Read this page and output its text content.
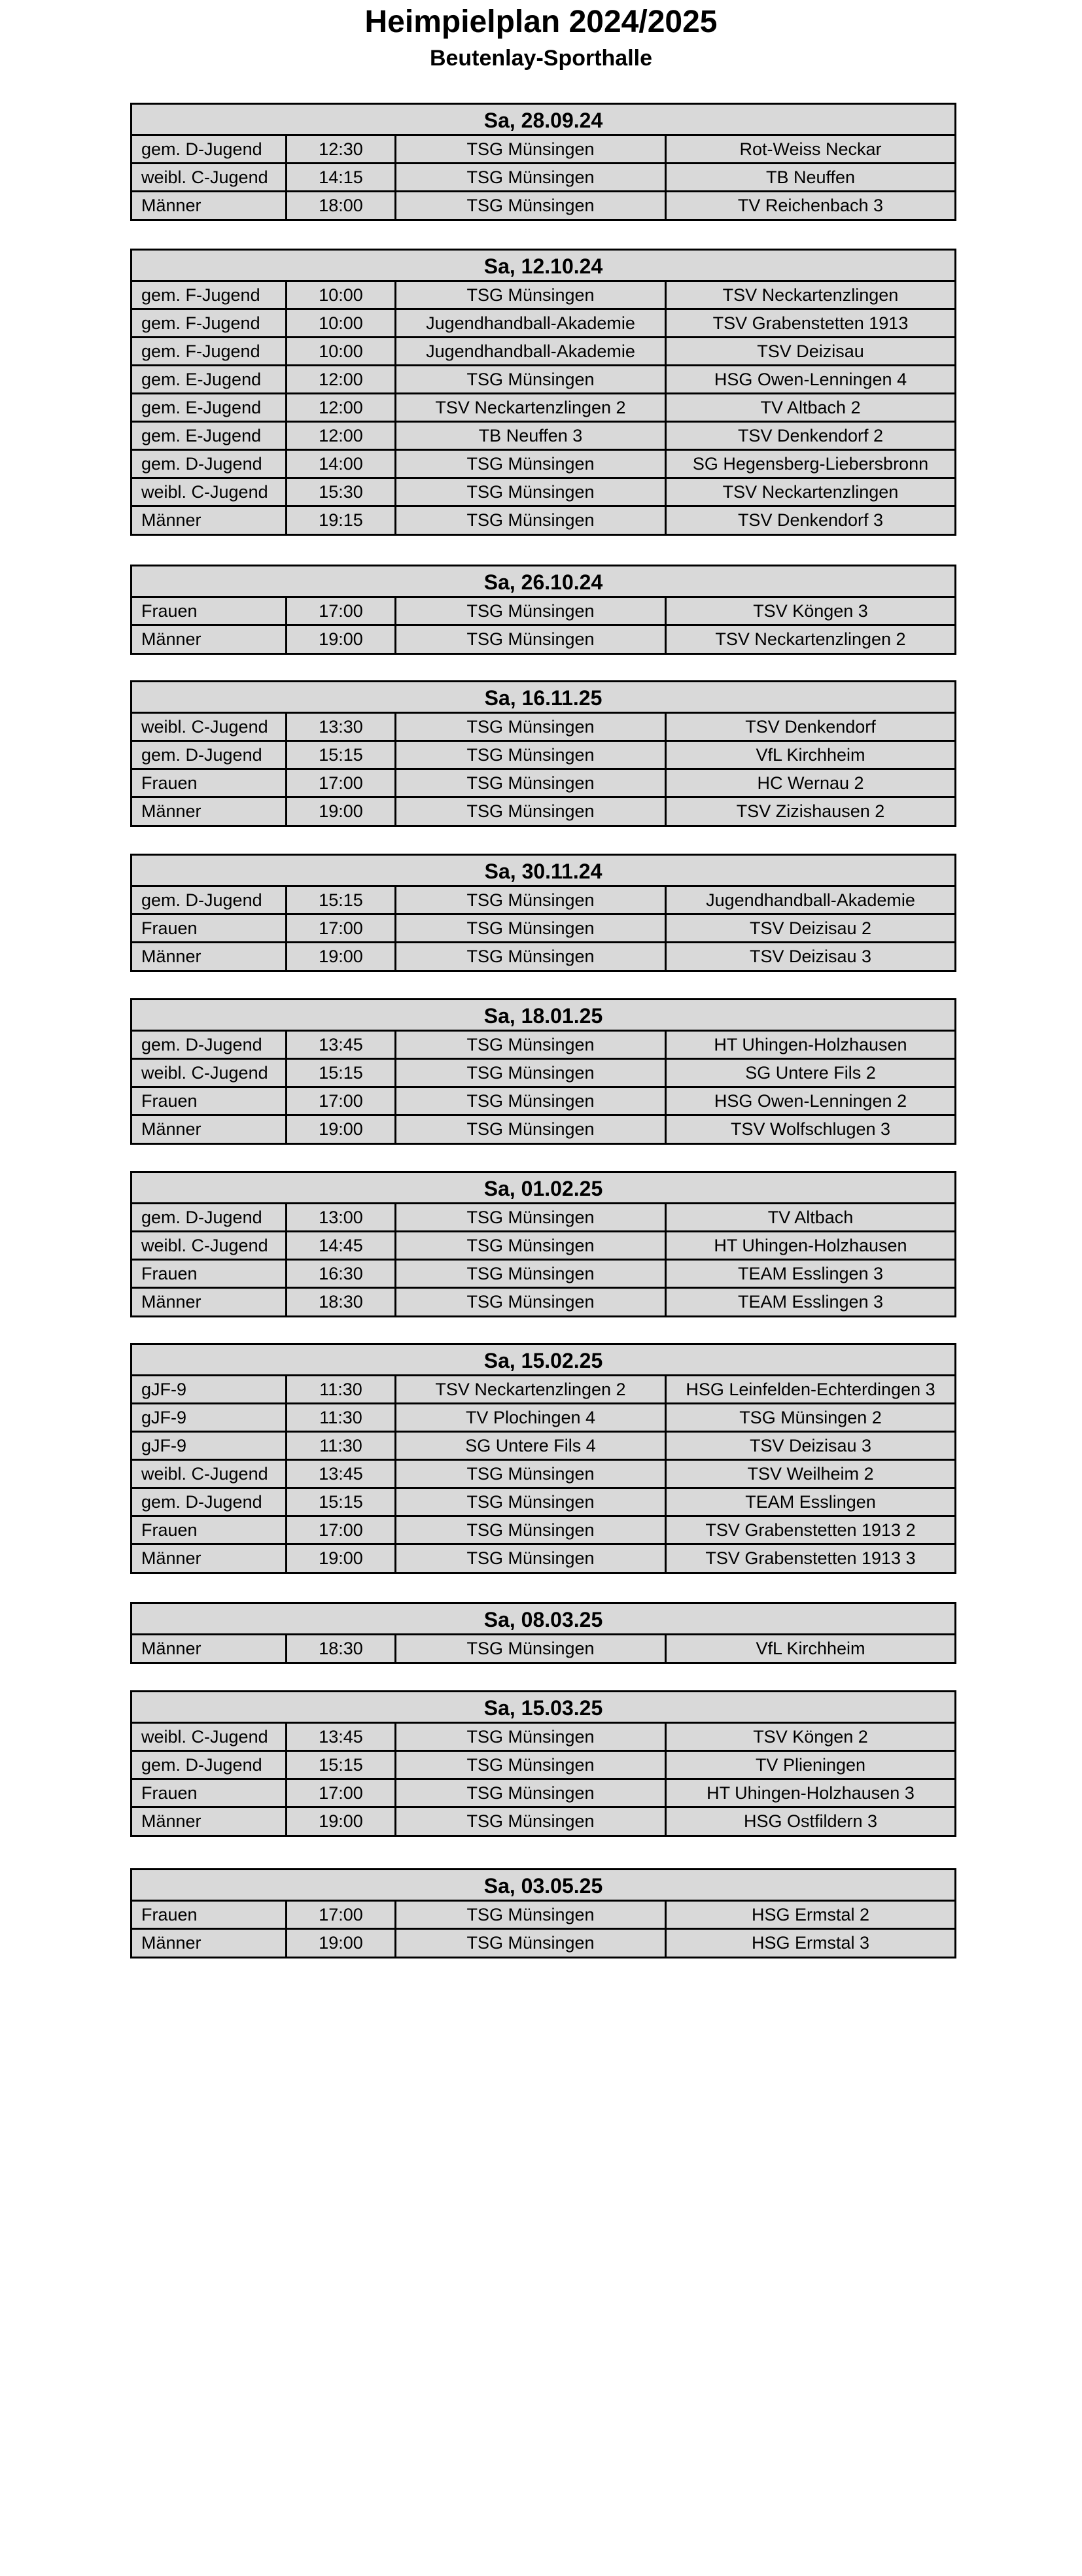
Heimpielplan 2024/2025
Beutenlay-Sporthalle
Sa, 28.09.24
gem. D-Jugend	12:30	TSG Münsingen	Rot-Weiss Neckar
weibl. C-Jugend	14:15	TSG Münsingen	TB Neuffen
Männer	18:00	TSG Münsingen	TV Reichenbach 3
Sa, 12.10.24
gem. F-Jugend	10:00	TSG Münsingen	TSV Neckartenzlingen
gem. F-Jugend	10:00	Jugendhandball-Akademie	TSV Grabenstetten 1913
gem. F-Jugend	10:00	Jugendhandball-Akademie	TSV Deizisau
gem. E-Jugend	12:00	TSG Münsingen	HSG Owen-Lenningen 4
gem. E-Jugend	12:00	TSV Neckartenzlingen 2	TV Altbach 2
gem. E-Jugend	12:00	TB Neuffen 3	TSV Denkendorf 2
gem. D-Jugend	14:00	TSG Münsingen	SG Hegensberg-Liebersbronn
weibl. C-Jugend	15:30	TSG Münsingen	TSV Neckartenzlingen
Männer	19:15	TSG Münsingen	TSV Denkendorf 3
Sa, 26.10.24
Frauen	17:00	TSG Münsingen	TSV Köngen 3
Männer	19:00	TSG Münsingen	TSV Neckartenzlingen 2
Sa, 16.11.25
weibl. C-Jugend	13:30	TSG Münsingen	TSV Denkendorf
gem. D-Jugend	15:15	TSG Münsingen	VfL Kirchheim
Frauen	17:00	TSG Münsingen	HC Wernau 2
Männer	19:00	TSG Münsingen	TSV Zizishausen 2
Sa, 30.11.24
gem. D-Jugend	15:15	TSG Münsingen	Jugendhandball-Akademie
Frauen	17:00	TSG Münsingen	TSV Deizisau 2
Männer	19:00	TSG Münsingen	TSV Deizisau 3
Sa, 18.01.25
gem. D-Jugend	13:45	TSG Münsingen	HT Uhingen-Holzhausen
weibl. C-Jugend	15:15	TSG Münsingen	SG Untere Fils 2
Frauen	17:00	TSG Münsingen	HSG Owen-Lenningen 2
Männer	19:00	TSG Münsingen	TSV Wolfschlugen 3
Sa, 01.02.25
gem. D-Jugend	13:00	TSG Münsingen	TV Altbach
weibl. C-Jugend	14:45	TSG Münsingen	HT Uhingen-Holzhausen
Frauen	16:30	TSG Münsingen	TEAM Esslingen 3
Männer	18:30	TSG Münsingen	TEAM Esslingen 3
Sa, 15.02.25
gJF-9	11:30	TSV Neckartenzlingen 2	HSG Leinfelden-Echterdingen 3
gJF-9	11:30	TV Plochingen 4	TSG Münsingen 2
gJF-9	11:30	SG Untere Fils 4	TSV Deizisau 3
weibl. C-Jugend	13:45	TSG Münsingen	TSV Weilheim 2
gem. D-Jugend	15:15	TSG Münsingen	TEAM Esslingen
Frauen	17:00	TSG Münsingen	TSV Grabenstetten 1913 2
Männer	19:00	TSG Münsingen	TSV Grabenstetten 1913 3
Sa, 08.03.25
Männer	18:30	TSG Münsingen	VfL Kirchheim
Sa, 15.03.25
weibl. C-Jugend	13:45	TSG Münsingen	TSV Köngen 2
gem. D-Jugend	15:15	TSG Münsingen	TV Plieningen
Frauen	17:00	TSG Münsingen	HT Uhingen-Holzhausen 3
Männer	19:00	TSG Münsingen	HSG Ostfildern 3
Sa, 03.05.25
Frauen	17:00	TSG Münsingen	HSG Ermstal 2
Männer	19:00	TSG Münsingen	HSG Ermstal 3
